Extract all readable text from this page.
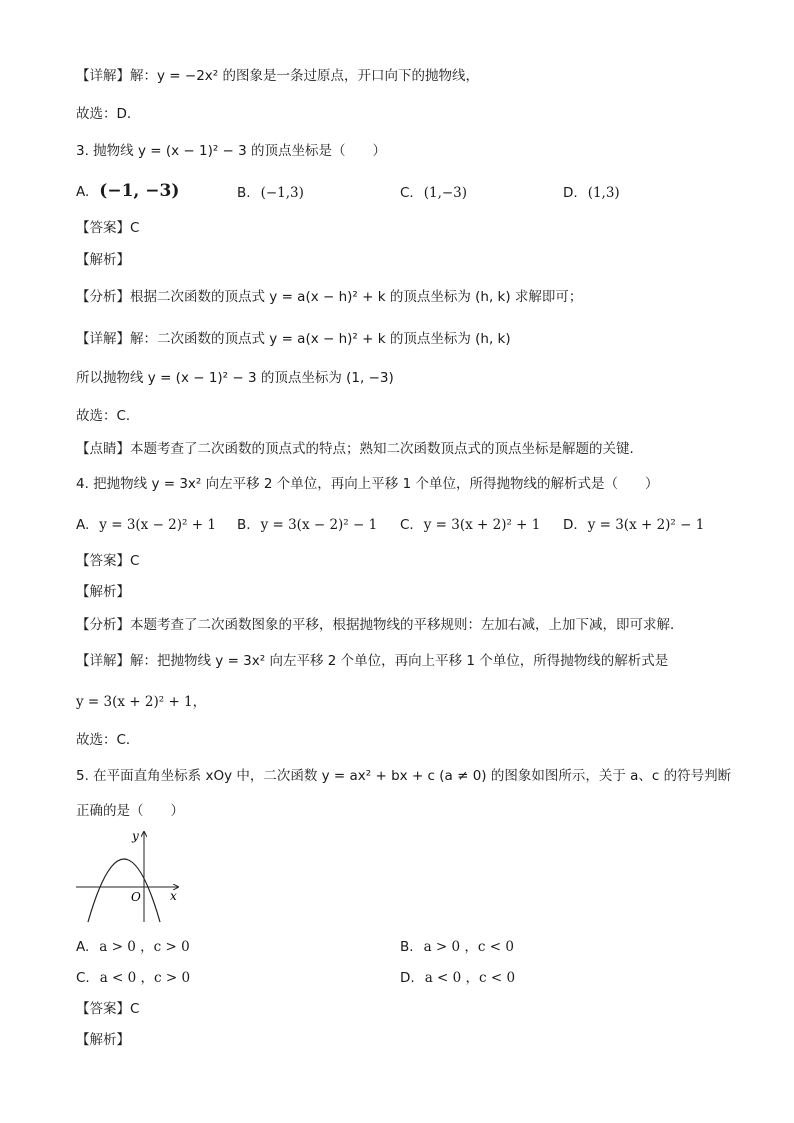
【详解】解：y = −2x² 的图象是一条过原点，开口向下的抛物线，
故选：D．
3. 抛物线 y = (x − 1)² − 3 的顶点坐标是（　　）
A. (−1, −3)	B. (−1,3)	C. (1,−3)	D. (1,3)
【答案】C
【解析】
【分析】根据二次函数的顶点式 y = a(x − h)² + k 的顶点坐标为 (h, k) 求解即可；
【详解】解：二次函数的顶点式 y = a(x − h)² + k 的顶点坐标为 (h, k)
所以抛物线 y = (x − 1)² − 3 的顶点坐标为 (1, −3)
故选：C．
【点睛】本题考查了二次函数的顶点式的特点；熟知二次函数顶点式的顶点坐标是解题的关键．
4. 把抛物线 y = 3x² 向左平移 2 个单位，再向上平移 1 个单位，所得抛物线的解析式是（　　）
A. y = 3(x − 2)² + 1 B. y = 3(x − 2)² − 1 C. y = 3(x + 2)² + 1 D. y = 3(x + 2)² − 1
【答案】C
【解析】
【分析】本题考查了二次函数图象的平移，根据抛物线的平移规则：左加右减，上加下减，即可求解．
【详解】解：把抛物线 y = 3x² 向左平移 2 个单位，再向上平移 1 个单位，所得抛物线的解析式是
y = 3(x + 2)² + 1，
故选：C．
5. 在平面直角坐标系 xOy 中，二次函数 y = ax² + bx + c (a ≠ 0) 的图象如图所示，关于 a、c 的符号判断
正确的是（　　）
y
x
O
A. a > 0 ，c > 0	B. a > 0 ，c < 0
C. a < 0 ，c > 0	D. a < 0 ，c < 0
【答案】C
【解析】
